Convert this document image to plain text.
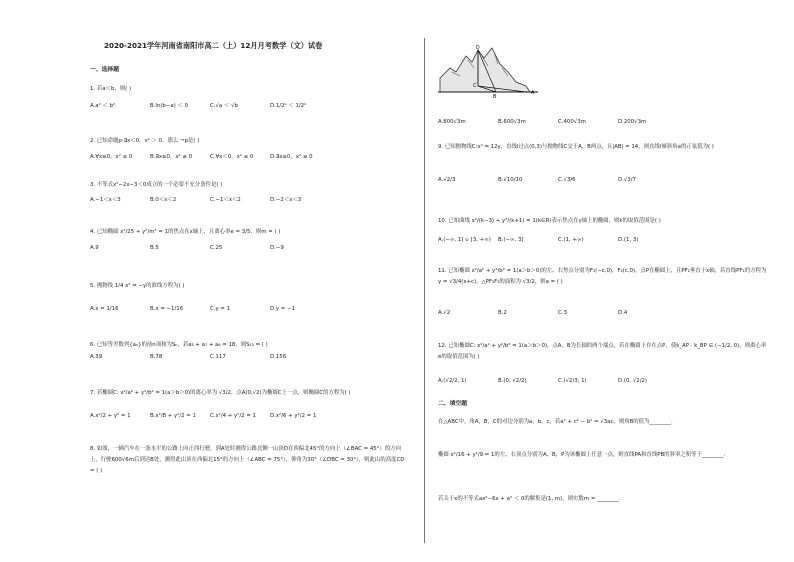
2020-2021学年河南省南阳市高二（上）12月月考数学（文）试卷
一、选择题
1. 若a＜b，则( )
A.a² ＜ b²	B.ln(b−a) ＜ 0	C.√a ＜ √b	D.1/2ᵃ ＜ 1/2ᵇ
2. 已知命题p:∃x＜0，x² ＞ 0，那么 ¬p是( )
A.∀x≥0，x² ≤ 0	B.∃x≥0，x² ≤ 0	C.∀x＜0，x² ≤ 0	D.∃x≥0，x² ≤ 0
3. 不等式x²−2x−3＜0成立的一个必要不充分条件是( )
A.−1＜x＜3	B.0＜x＜2	C.−1＜x＜2	D.−2＜x＜3
4. 已知椭圆 x²/25 + y²/m² = 1的焦点在x轴上，且离心率e = 3/5，则m = ( )
A.9	B.5	C.25	D.−9
5. 抛物线 1/4 x² = −y的准线方程为( )
A.x = 1/16	B.x = −1/16	C.y = 1	D.y = −1
6. 已知等差数列{aₙ}的前n项和为Sₙ，若a₃ + a₇ + a₆ = 18，则S₁₃ = ( )
A.39	B.78	C.117	D.156
7. 若椭圆C: x²/a² + y²/b² = 1(a＞b＞0)的离心率为 √3/2，点A(0,√2)为椭圆C上一点，则椭圆C的方程为( )
A.x²/2 + y² = 1	B.x²/8 + y²/2 = 1	C.x²/4 + y²/2 = 1	D.x²/6 + y²/2 = 1
8. 如图，一辆汽车在一条水平的公路上向正西行驶，到A处时测得公路北侧一山顶D在西偏北45°的方向上（∠BAC = 45°）的方向上，行驶600√6m后到达B处，测得此山顶在西偏北15°的方向上（∠ABC = 75°），仰角为30°（∠DBC = 30°），则此山的高度CD = ( )
D
C
B
A
A.800√3m	B.600√3m	C.400√3m	D.200√3m
9. 已知抛物线C:x² = 12y，直线l过点(0,3)与抛物线C交于A，B两点，且|AB| = 14，则直线l倾斜角α的正弦值为( )
A.√2/3	B.√10/10	C.√3/6	D.√3/7
10. 已知曲线 x²/(k−3) + y²/(k+1) = 1(k∈R)表示焦点在y轴上的椭圆，则k的取值范围是( )
A.(−∞, 1] ∪ [3, +∞)	B.(−∞, 3]	C.(1, +∞)	D.(1, 3)
11. 已知椭圆 x²/a² + y²/b² = 1(a＞b＞0)的左、右焦点分别为F₁(−c,0)，F₂(c,0)，点P在椭圆上，且PF₂垂直于x轴，若直线PF₁的方程为y = √3/4(x+c)，△PF₁F₂的面积为 √3/2，则a = ( )
A.√2	B.2	C.3	D.4
12. 已知椭圆C: x²/a² + y²/b² = 1(a＞b＞0)，点A，B为长轴的两个端点，若在椭圆上存在点P，使k_AP · k_BP ∈ (−1/2, 0)，则离心率e的取值范围为( )
A.(√2/2, 1)	B.(0, √2/2)	C.(√2/3, 1)	D.(0, √2/2)
二、填空题
在△ABC中，角A，B，C的对边分别为a，b，c，若a² + c² − b² = √3ac，则角B的值为________.
椭圆 x²/16 + y²/9 = 1的左、右顶点分别为A，B，P为该椭圆上任意一点，则直线PA和直线PB的斜率之积等于________.
若关于x的不等式ax²−6x + a² ＜ 0的解集是(1, m)，则实数m = ________.
